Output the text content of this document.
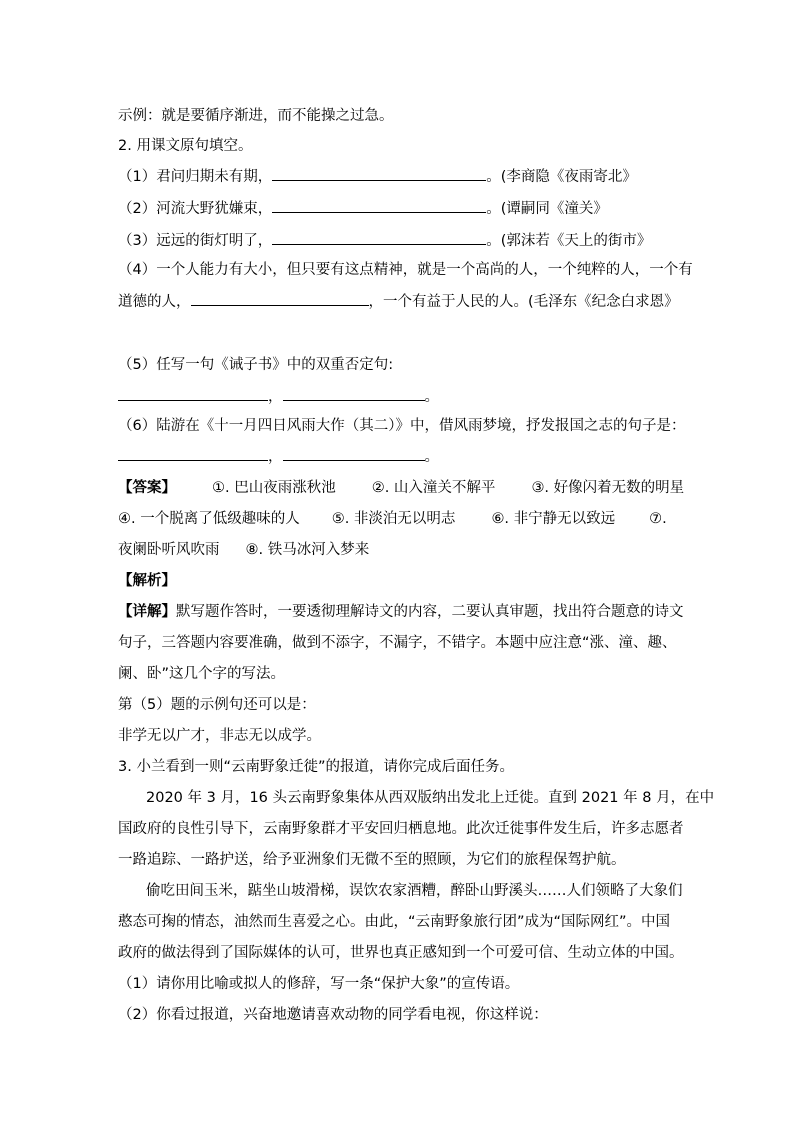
示例：就是要循序渐进，而不能操之过急。
2. 用课文原句填空。
（1）君问归期未有期，	。(李商隐《夜雨寄北》
（2）河流大野犹嫌束，	。(谭嗣同《潼关》
（3）远远的街灯明了，	。(郭沫若《天上的街市》
（4）一个人能力有大小，但只要有这点精神，就是一个高尚的人，一个纯粹的人，一个有
道德的人，	，一个有益于人民的人。(毛泽东《纪念白求恩》
（5）任写一句《诫子书》中的双重否定句:
，	。
（6）陆游在《十一月四日风雨大作（其二）》中，借风雨梦境，抒发报国之志的句子是：
，	。
【答案】 ①. 巴山夜雨涨秋池 ②. 山入潼关不解平 ③. 好像闪着无数的明星
④. 一个脱离了低级趣味的人 ⑤. 非淡泊无以明志 ⑥. 非宁静无以致远 ⑦.
夜阑卧听风吹雨 ⑧. 铁马冰河入梦来
【解析】
【详解】默写题作答时，一要透彻理解诗文的内容，二要认真审题，找出符合题意的诗文
句子，三答题内容要准确，做到不添字，不漏字，不错字。本题中应注意“涨、潼、趣、
阑、卧”这几个字的写法。
第（5）题的示例句还可以是：
非学无以广才，非志无以成学。
3. 小兰看到一则“云南野象迁徙”的报道，请你完成后面任务。
2020 年 3 月，16 头云南野象集体从西双版纳出发北上迁徙。直到 2021 年 8 月，在中
国政府的良性引导下，云南野象群才平安回归栖息地。此次迁徙事件发生后，许多志愿者
一路追踪、一路护送，给予亚洲象们无微不至的照顾，为它们的旅程保驾护航。
偷吃田间玉米，踮坐山坡滑梯，误饮农家酒糟，醉卧山野溪头……人们领略了大象们
憨态可掬的情态，油然而生喜爱之心。由此，“云南野象旅行团”成为“国际网红”。中国
政府的做法得到了国际媒体的认可，世界也真正感知到一个可爱可信、生动立体的中国。
（1）请你用比喻或拟人的修辞，写一条“保护大象”的宣传语。
（2）你看过报道，兴奋地邀请喜欢动物的同学看电视，你这样说：
